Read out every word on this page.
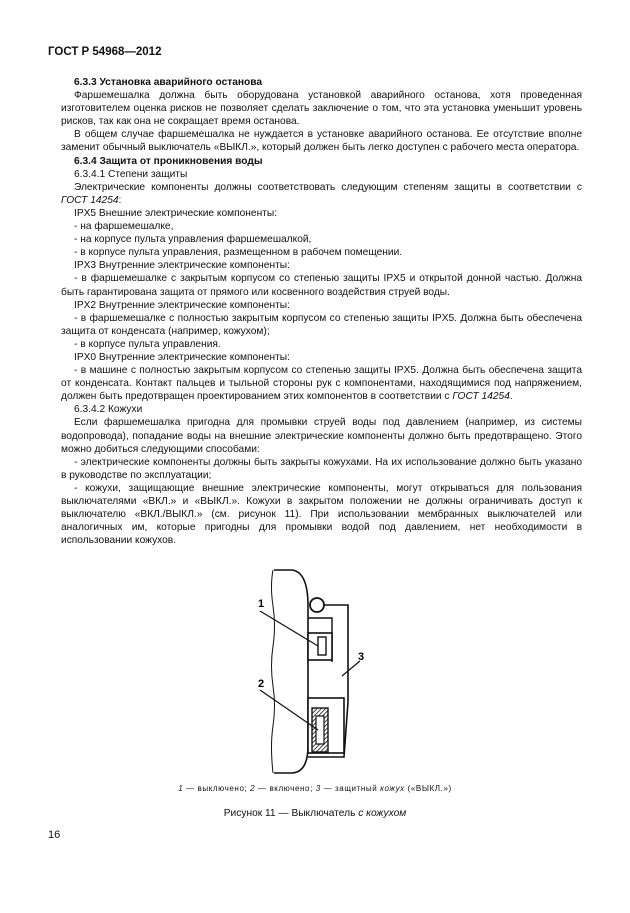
ГОСТ Р 54968—2012

6.3.3 Установка аварийного останова

Фаршемешалка должна быть оборудована установкой аварийного останова, хотя проведенная изготовителем оценка рисков не позволяет сделать заключение о том, что эта установка уменьшит уровень рисков, так как она не сокращает время останова.

В общем случае фаршемешалка не нуждается в установке аварийного останова. Ее отсутствие вполне заменит обычный выключатель «ВЫКЛ.», который должен быть легко доступен с рабочего места оператора.

6.3.4 Защита от проникновения воды

6.3.4.1 Степени защиты

Электрические компоненты должны соответствовать следующим степеням защиты в соответствии с ГОСТ 14254:

IPX5 Внешние электрические компоненты:

- на фаршемешалке,

- на корпусе пульта управления фаршемешалкой,

- в корпусе пульта управления, размещенном в рабочем помещении.

IPX3 Внутренние электрические компоненты:

- в фаршемешалке с закрытым корпусом со степенью защиты IPX5 и открытой донной частью. Должна быть гарантирована защита от прямого или косвенного воздействия струей воды.

IPX2 Внутренние электрические компоненты:

- в фаршемешалке с полностью закрытым корпусом со степенью защиты IPX5. Должна быть обеспечена защита от конденсата (например, кожухом);

- в корпусе пульта управления.

IPX0 Внутренние электрические компоненты:

- в машине с полностью закрытым корпусом со степенью защиты IPX5. Должна быть обеспечена защита от конденсата. Контакт пальцев и тыльной стороны рук с компонентами, находящимися под напряжением, должен быть предотвращен проектированием этих компонентов в соответствии с ГОСТ 14254.

6.3.4.2 Кожухи

Если фаршемешалка пригодна для промывки струей воды под давлением (например, из системы водопровода), попадание воды на внешние электрические компоненты должно быть предотвращено. Этого можно добиться следующими способами:

- электрические компоненты должны быть закрыты кожухами. На их использование должно быть указано в руководстве по эксплуатации;

- кожухи, защищающие внешние электрические компоненты, могут открываться для пользования выключателями «ВКЛ.» и «ВЫКЛ.». Кожухи в закрытом положении не должны ограничивать доступ к выключателю «ВКЛ./ВЫКЛ.» (см. рисунок 11). При использовании мембранных выключателей или аналогичных им, которые пригодны для промывки водой под давлением, нет необходимости в использовании кожухов.

1
2
3
1 — выключено; 2 — включено; 3 — защитный кожух («ВЫКЛ.»)
Рисунок 11 — Выключатель с кожухом
16
